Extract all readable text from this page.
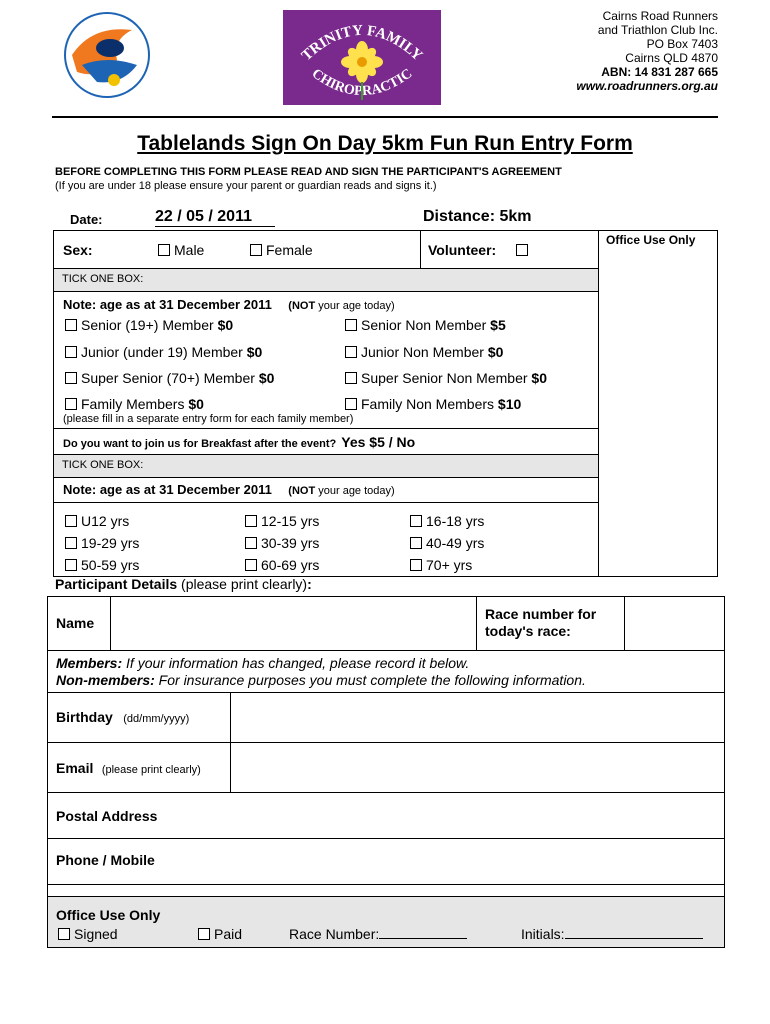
TRINITY FAMILY
CHIROPRACTIC
Cairns Road Runners
and Triathlon Club Inc.
PO Box 7403
Cairns QLD 4870
ABN: 14 831 287 665
www.roadrunners.org.au
Tablelands Sign On Day 5km Fun Run Entry Form
BEFORE COMPLETING THIS FORM PLEASE READ AND SIGN THE PARTICIPANT'S AGREEMENT
(If you are under 18 please ensure your parent or guardian reads and signs it.)
Date:	22 / 05 / 2011	Distance: 5km
Office Use Only
Sex:	Male	Female	Volunteer:
TICK ONE BOX:
Note: age as at 31 December 2011 (NOT your age today)
Senior (19+) Member $0	Senior Non Member $5
Junior (under 19) Member $0	Junior Non Member $0
Super Senior (70+) Member $0	Super Senior Non Member $0
Family Members $0	Family Non Members $10
(please fill in a separate entry form for each family member)
Do you want to join us for Breakfast after the event? Yes $5 / No
TICK ONE BOX:
Note: age as at 31 December 2011 (NOT your age today)
U12 yrs	12-15 yrs	16-18 yrs
19-29 yrs	30-39 yrs	40-49 yrs
50-59 yrs	60-69 yrs	70+ yrs
Participant Details (please print clearly):
Name
Race number for
today's race:
Members: If your information has changed, please record it below.
Non-members: For insurance purposes you must complete the following information.
Birthday (dd/mm/yyyy)
Email (please print clearly)
Postal Address
Phone / Mobile
Office Use Only
Signed	Paid	Race Number:	Initials:
